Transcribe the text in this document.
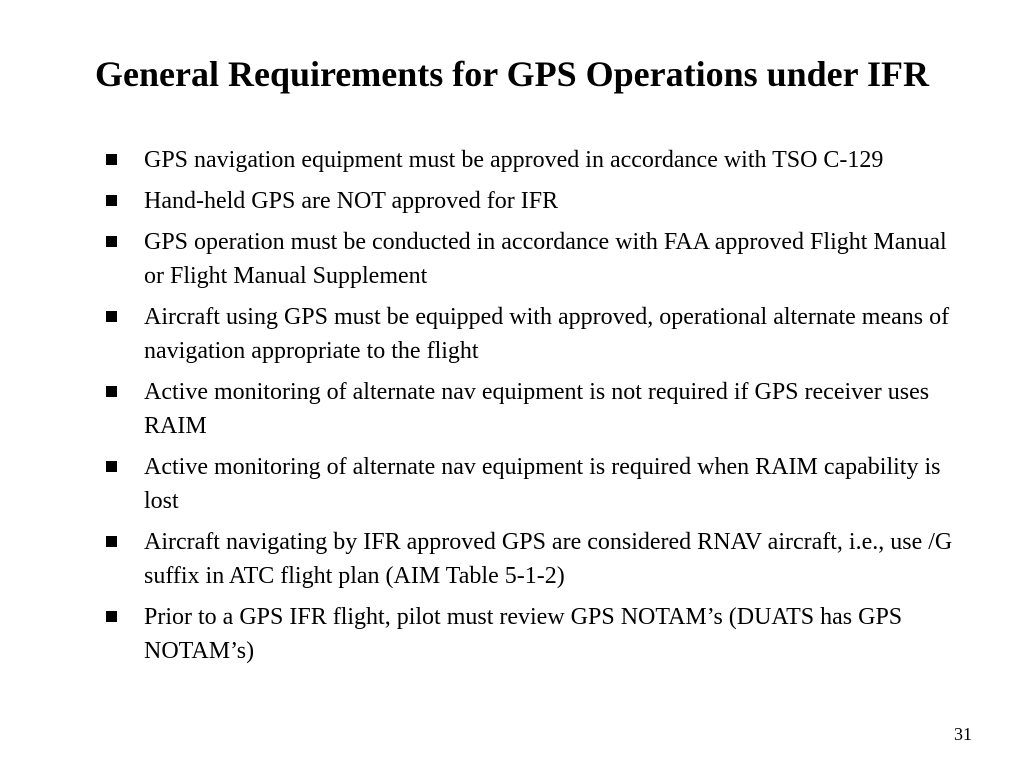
General Requirements for GPS Operations under IFR
GPS navigation equipment must be approved in accordance with TSO C-129
Hand-held GPS are NOT approved for IFR
GPS operation must be conducted in accordance with FAA approved Flight Manual or Flight Manual Supplement
Aircraft using GPS must be equipped with approved, operational alternate means of navigation appropriate to the flight
Active monitoring of alternate nav equipment is not required if GPS receiver uses RAIM
Active monitoring of alternate nav equipment is required when RAIM capability is lost
Aircraft navigating by IFR approved GPS are considered RNAV aircraft, i.e., use /G suffix in ATC flight plan (AIM Table 5-1-2)
Prior to a GPS IFR flight, pilot must review GPS NOTAM’s (DUATS has GPS NOTAM’s)
31
